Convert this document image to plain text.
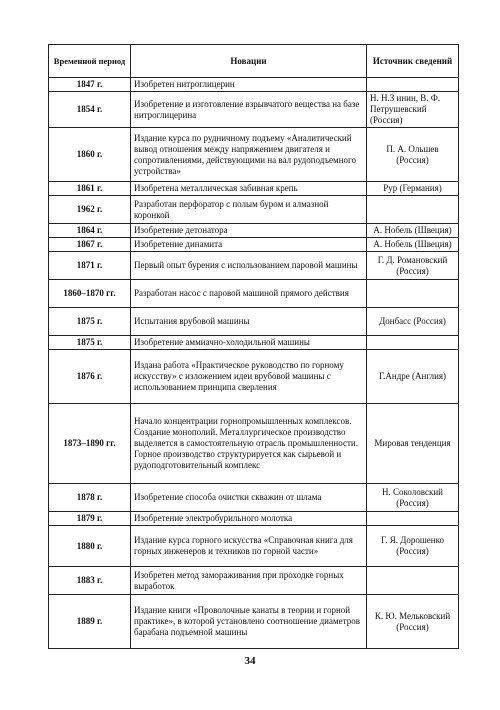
Временной период	Новации	Источник сведений
1847 г.	Изобретен нитроглицерин	
1854 г.	Изобретение и изготовление взрывчатого вещества на базе нитроглицерина	Н. Н.З инин, В. Ф. Петрушевский (Россия)
1860 г.	Издание курса по рудничному подъему «Аналитический вывод отношения между напряжением двигателя и сопротивлениями, действующими на вал рудоподъемного устройства»	П. А. Ольшев (Россия)
1861 г.	Изобретена металлическая забивная крепь	Рур (Германия)
1962 г.	Разработан перфоратор с полым буром и алмазной коронкой	
1864 г.	Изобретение детонатора	А. Нобель (Швеция)
1867 г.	Изобретение динамита	А. Нобель (Швеция)
1871 г.	Первый опыт бурения с использованием паровой машины	Г. Д. Романовский (Россия)
1860–1870 гг.	Разработан насос с паровой машиной прямого действия	
1875 г.	Испытания врубовой машины	Донбасс (Россия)
1875 г.	Изобретение аммиачно-холодильной машины	
1876 г.	Издана работа «Практическое руководство по горному искусству» с изложением идеи врубовой машины с использованием принципа сверления	Г.Андре (Англия)
1873–1890 гг.	Начало концентрации горнопромышленных комплексов. Создание монополий. Металлургическое производство выделяется в самостоятельную отрасль промышленности. Горное производство структурируется как сырьевой и рудоподготовительный комплекс	Мировая тенденция
1878 г.	Изобретение способа очистки скважин от шлама	Н. Соколовский (Россия)
1879 г.	Изобретение электробурильного молотка	
1880 г.	Издание курса горного искусства «Справочная книга для горных инженеров и техников по горной части»	Г. Я. Дорошенко (Россия)
1883 г.	Изобретен метод замораживания при проходке горных выработок	
1889 г.	Издание книги «Проволочные канаты в теории и горной практике», в которой установлено соотношение диаметров барабана подъемной машины	К. Ю. Мельковский (Россия)
34
